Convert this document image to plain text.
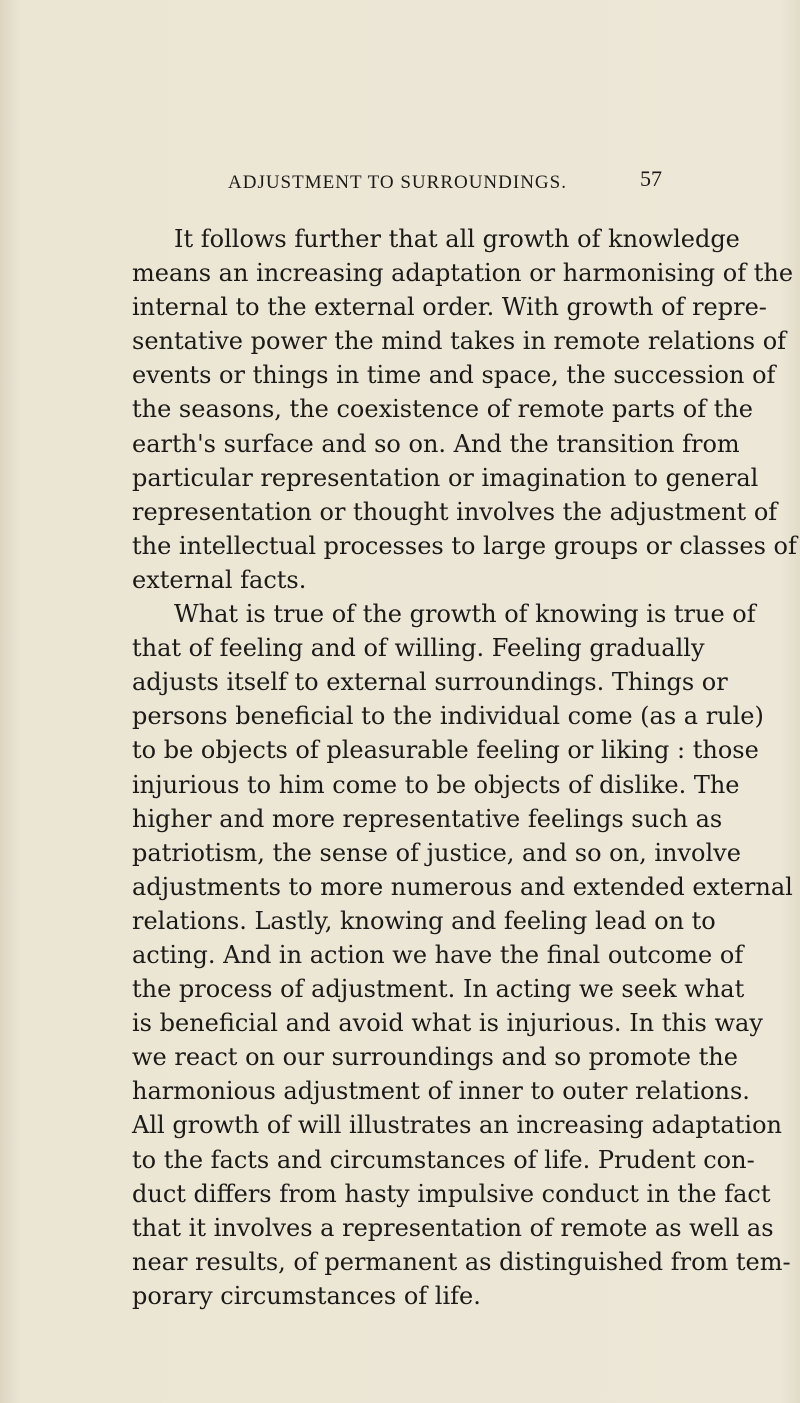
ADJUSTMENT TO SURROUNDINGS.	57
It follows further that all growth of knowledge
means an increasing adaptation or harmonising of the
internal to the external order. With growth of repre-
sentative power the mind takes in remote relations of
events or things in time and space, the succession of
the seasons, the coexistence of remote parts of the
earth's surface and so on. And the transition from
particular representation or imagination to general
representation or thought involves the adjustment of
the intellectual processes to large groups or classes of
external facts.
What is true of the growth of knowing is true of
that of feeling and of willing. Feeling gradually
adjusts itself to external surroundings. Things or
persons beneficial to the individual come (as a rule)
to be objects of pleasurable feeling or liking : those
injurious to him come to be objects of dislike. The
higher and more representative feelings such as
patriotism, the sense of justice, and so on, involve
adjustments to more numerous and extended external
relations. Lastly, knowing and feeling lead on to
acting. And in action we have the final outcome of
the process of adjustment. In acting we seek what
is beneficial and avoid what is injurious. In this way
we react on our surroundings and so promote the
harmonious adjustment of inner to outer relations.
All growth of will illustrates an increasing adaptation
to the facts and circumstances of life. Prudent con-
duct differs from hasty impulsive conduct in the fact
that it involves a representation of remote as well as
near results, of permanent as distinguished from tem-
porary circumstances of life.
